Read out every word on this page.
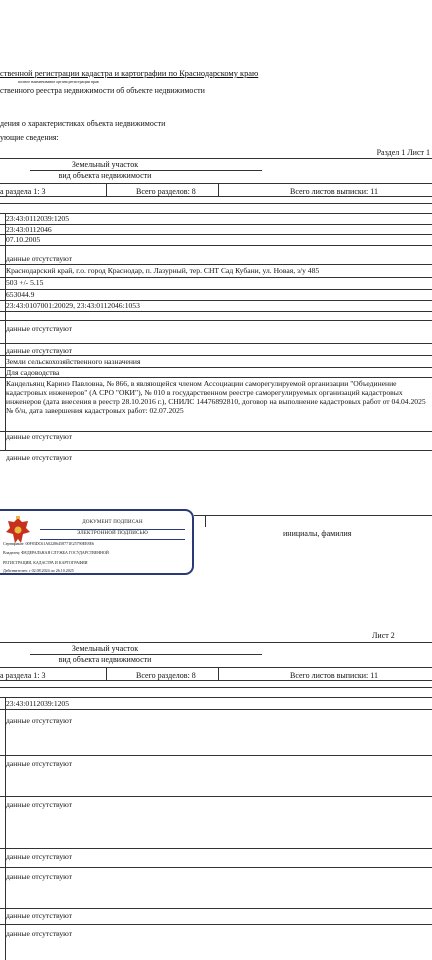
ственной регистрации кадастра и картографии по Краснодарскому краю
полное наименование органа регистрации прав
ственного реестра недвижимости об объекте недвижимости
дения о характеристиках объекта недвижимости
ующие сведения:
Раздел 1 Лист 1
Земельный участок
вид объекта недвижимости
а раздела 1: 3	Всего разделов: 8	Всего листов выписки: 11
23:43:0112039:1205
23:43:0112046
07.10.2005
данные отсутствуют
Краснодарский край, г.о. город Краснодар, п. Лазурный, тер. СНТ Сад Кубани, ул. Новая, з/у 485
503 +/- 5.15
653044.9
23:43:0107001:20029, 23:43:0112046:1053
данные отсутствуют
данные отсутствуют
Земли сельскохозяйственного назначения
Для садоводства
Кандельянц Каринэ Павловна, № 866, в являющейся членом Ассоциации саморегулируемой организации "Объединение кадастровых инженеров" (А СРО "ОКИ"), № 010 в государственном реестре саморегулируемых организаций кадастровых инженеров (дата внесения в реестр 28.10.2016 г.), СНИЛС 14476892810, договор на выполнение кадастровых работ от 04.04.2025 № б/н, дата завершения кадастровых работ: 02.07.2025
данные отсутствуют
данные отсутствуют
инициалы, фамилия
ДОКУМЕНТ ПОДПИСАН
ЭЛЕКТРОННОЙ ПОДПИСЬЮ
Сертификат: 00F83DC61A02286458771E25790EE8E6
Владелец: ФЕДЕРАЛЬНАЯ СЛУЖБА ГОСУДАРСТВЕННОЙ
РЕГИСТРАЦИИ, КАДАСТРА И КАРТОГРАФИИ
Действителен: с 02.08.2024 по 26.10.2025
Лист 2
Земельный участок
вид объекта недвижимости
а раздела 1: 3	Всего разделов: 8	Всего листов выписки: 11
23:43:0112039:1205
данные отсутствуют
данные отсутствуют
данные отсутствуют
данные отсутствуют
данные отсутствуют
данные отсутствуют
данные отсутствуют
